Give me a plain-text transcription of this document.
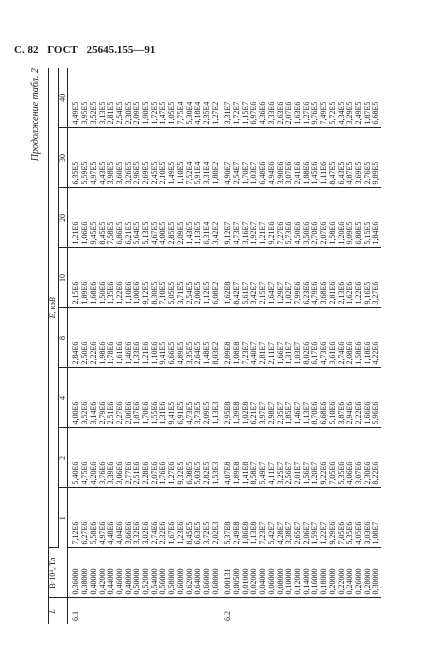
С. 82 ГОСТ 25645.155—91
Продолжение табл. 2
L	B·10⁴, Тл	E, кэВ							
		1	2	4	8	10	20	30	40
6.1	0,36000	7,12E6	5,40E6	4,00E6	2,84E6	2,15E6	1,21E6	6,35E5	4,49E5
	0,38000	6,27E6	4,75E6	3,52E6	2,50E6	1,89E6	1,06E6	5,59E5	3,95E5
	0,40000	5,58E6	4,20E6	3,14E6	2,22E6	1,68E6	9,45E5	4,97E5	3,52E5
	0,42000	4,97E6	3,76E6	2,79E6	1,98E6	1,50E6	8,45E5	4,43E5	3,13E5
	0,44000	4,48E6	3,39E6	2,51E6	1,78E6	1,35E6	7,58E5	3,98E5	2,81E5
	0,46000	4,04E6	3,06E6	2,27E6	1,61E6	1,22E6	6,86E5	3,60E5	2,54E5
	0,48000	3,66E6	2,77E6	2,06E6	1,46E6	1,10E6	6,21E5	3,26E5	2,30E5
	0,50000	3,32E6	2,51E6	1,87E6	1,33E6	1,00E6	5,64E5	2,96E5	2,09E5
	0,52000	3,02E6	2,28E6	1,70E6	1,21E6	9,12E5	5,13E5	2,69E5	1,90E5
	0,54000	2,74E6	2,07E6	1,55E6	1,10E6	8,30E5	4,67E5	2,45E5	1,72E5
	0,56000	2,32E6	1,76E6	1,31E6	9,41E5	7,10E5	4,00E5	2,10E5	1,47E5
	0,58000	1,67E6	1,27E6	9,41E5	6,66E5	5,05E5	2,85E5	1,49E5	1,05E5
	0,60000	1,23E6	9,32E5	6,91E5	4,89E5	3,71E5	2,09E5	1,10E5	7,75E4
	0,62000	8,45E5	6,38E5	4,73E5	3,35E5	2,54E5	1,43E5	7,52E4	5,30E4
	0,64000	6,63E5	5,03E5	3,73E5	2,64E5	2,00E5	1,13E5	5,91E4	4,18E4
	0,66000	3,72E5	2,82E5	2,09E5	1,48E5	1,12E5	6,31E4	3,31E4	2,35E4
	0,68000	2,02E3	1,53E3	1,13E3	8,03E2	6,08E2	3,42E2	1,80E2	1,27E2
6.2	0,00131	5,37E8	4,07E8	2,95E8	2,09E8	1,62E8	9,12E7	4,90E7	3,31E7
	0,00500	2,49E8	1,89E8	1,39E8	1,08E8	8,42E7	4,73E7	2,54E7	1,72E7
	0,01000	1,86E8	1,41E8	1,02E8	7,23E7	5,61E7	3,16E7	1,70E7	1,15E7
	0,02000	1,13E8	8,58E7	6,21E7	4,40E7	3,42E7	1,92E7	1,03E7	6,97E6
	0,04000	7,23E7	5,49E7	3,97E7	2,81E7	2,15E7	1,21E7	6,48E6	4,36E6
	0,06000	5,42E7	4,11E7	2,98E7	2,11E7	1,64E7	9,21E6	4,94E6	3,33E6
	0,08000	4,28E7	3,25E7	2,35E7	1,66E7	1,29E7	7,27E6	3,90E6	2,63E6
	0,10000	3,38E7	2,56E7	1,85E7	1,31E7	1,02E7	5,73E6	3,07E6	2,07E6
	0,12000	2,65E7	2,01E7	1,46E7	1,03E7	7,99E6	4,50E6	2,41E6	1,63E6
	0,14000	2,06E7	1,56E7	1,13E7	8,02E6	6,23E6	3,50E6	1,88E6	1,27E6
	0,16000	1,59E7	1,20E7	8,70E6	6,17E6	4,79E6	2,70E6	1,45E6	9,76E5
	0,18000	1,22E7	9,22E6	6,68E6	4,73E6	3,68E6	2,07E6	1,11E6	7,49E5
	0,20000	9,29E6	7,05E6	5,10E6	3,61E6	2,81E6	1,58E6	8,47E5	5,72E5
	0,22000	7,05E6	5,35E6	3,87E6	2,74E6	2,13E6	1,20E6	6,43E5	4,34E5
	0,24000	5,35E6	4,06E6	2,94E6	2,08E6	1,62E6	9,09E5	4,87E5	3,29E5
	0,26000	4,05E6	3,07E6	2,22E6	1,58E6	1,22E6	6,88E5	3,69E5	2,49E5
	0,28000	3,03E6	2,30E6	1,66E6	1,18E6	9,16E5	5,15E5	2,76E5	1,87E5
	0,30000	1,08E7	8,22E6	5,96E6	4,22E6	3,27E6	1,84E6	9,89E5	6,68E5
